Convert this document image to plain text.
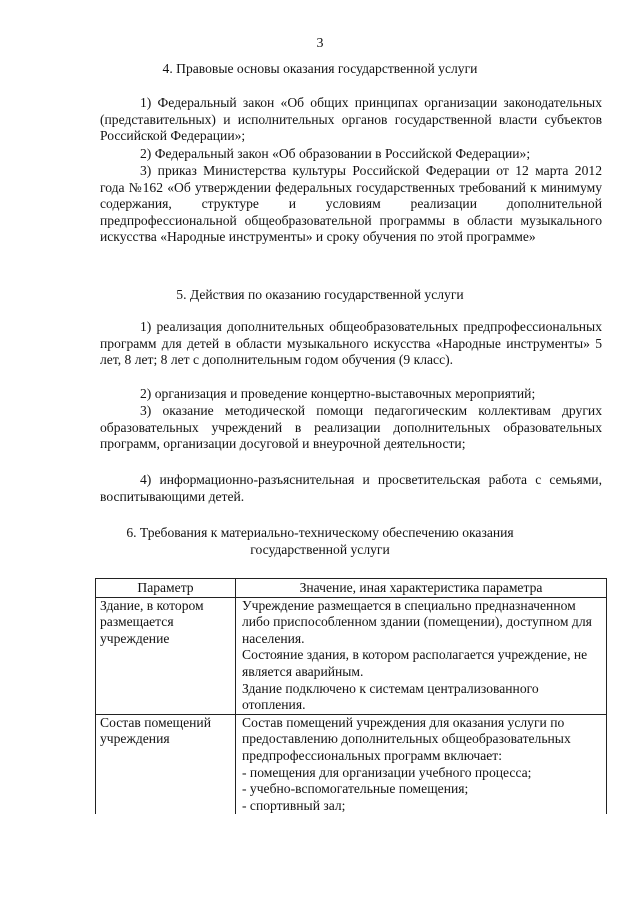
3
4. Правовые основы оказания государственной услуги
1) Федеральный закон «Об общих принципах организации законодательных (представительных) и исполнительных органов государственной власти субъектов Российской Федерации»;
2) Федеральный закон «Об образовании в Российской Федерации»;
3) приказ Министерства культуры Российской Федерации от 12 марта 2012 года №162 «Об утверждении федеральных государственных требований к минимуму содержания, структуре и условиям реализации дополнительной предпрофессиональной общеобразовательной программы в области музыкального искусства «Народные инструменты» и сроку обучения по этой программе»
5. Действия по оказанию государственной услуги
1) реализация дополнительных общеобразовательных предпрофессиональных программ для детей в области музыкального искусства «Народные инструменты» 5 лет, 8 лет; 8 лет с дополнительным годом обучения (9 класс).
2) организация и проведение концертно-выставочных мероприятий;
3) оказание методической помощи педагогическим коллективам других образовательных учреждений в реализации дополнительных образовательных программ, организации досуговой и внеурочной деятельности;
4) информационно-разъяснительная и просветительская работа с семьями, воспитывающими детей.
6. Требования к материально-техническому обеспечению оказания
государственной услуги
Параметр	Значение, иная характеристика параметра
Здание, в котором размещается учреждение	Учреждение размещается в специально предназначенном либо приспособленном здании (помещении), доступном для населения.
Состояние здания, в котором располагается учреждение, не является аварийным.
Здание подключено к системам централизованного отопления.

Состав помещений учреждения	Состав помещений учреждения для оказания услуги по предоставлению дополнительных общеобразовательных предпрофессиональных программ включает:
- помещения для организации учебного процесса;
- учебно-вспомогательные помещения;
- спортивный зал;
